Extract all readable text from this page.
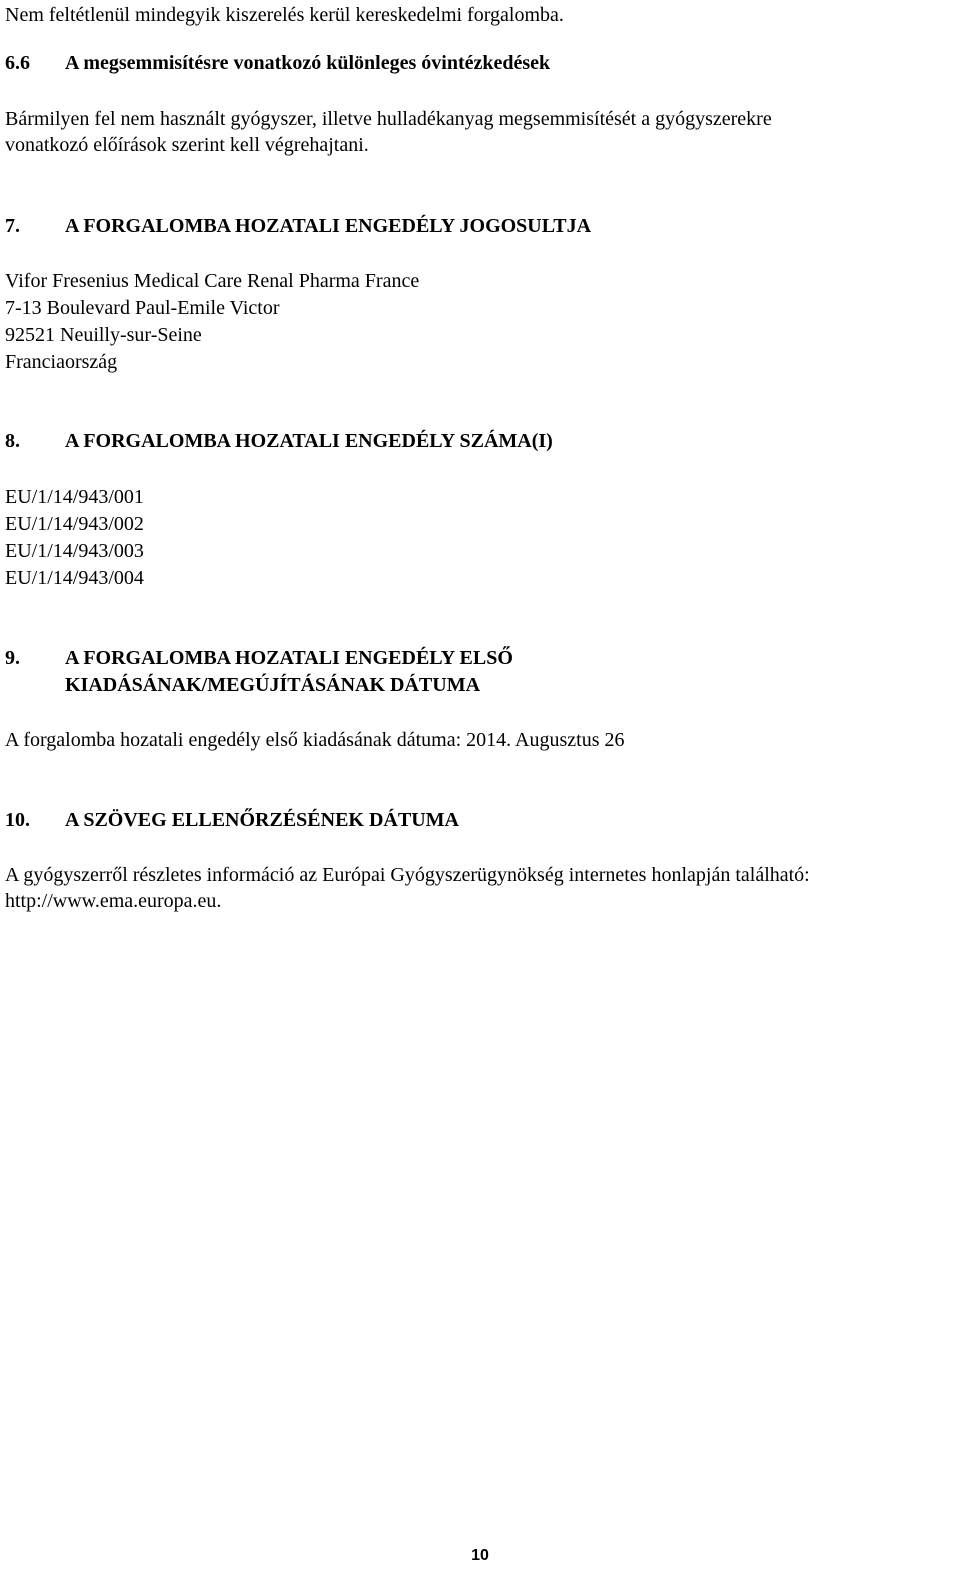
Nem feltétlenül mindegyik kiszerelés kerül kereskedelmi forgalomba.
6.6 A megsemmisítésre vonatkozó különleges óvintézkedések
Bármilyen fel nem használt gyógyszer, illetve hulladékanyag megsemmisítését a gyógyszerekre
vonatkozó előírások szerint kell végrehajtani.
7. A FORGALOMBA HOZATALI ENGEDÉLY JOGOSULTJA
Vifor Fresenius Medical Care Renal Pharma France
7-13 Boulevard Paul-Emile Victor
92521 Neuilly-sur-Seine
Franciaország
8. A FORGALOMBA HOZATALI ENGEDÉLY SZÁMA(I)
EU/1/14/943/001
EU/1/14/943/002
EU/1/14/943/003
EU/1/14/943/004
9. A FORGALOMBA HOZATALI ENGEDÉLY ELSŐ
KIADÁSÁNAK/MEGÚJÍTÁSÁNAK DÁTUMA
A forgalomba hozatali engedély első kiadásának dátuma: 2014. Augusztus 26
10. A SZÖVEG ELLENŐRZÉSÉNEK DÁTUMA
A gyógyszerről részletes információ az Európai Gyógyszerügynökség internetes honlapján található:
http://www.ema.europa.eu.
10
